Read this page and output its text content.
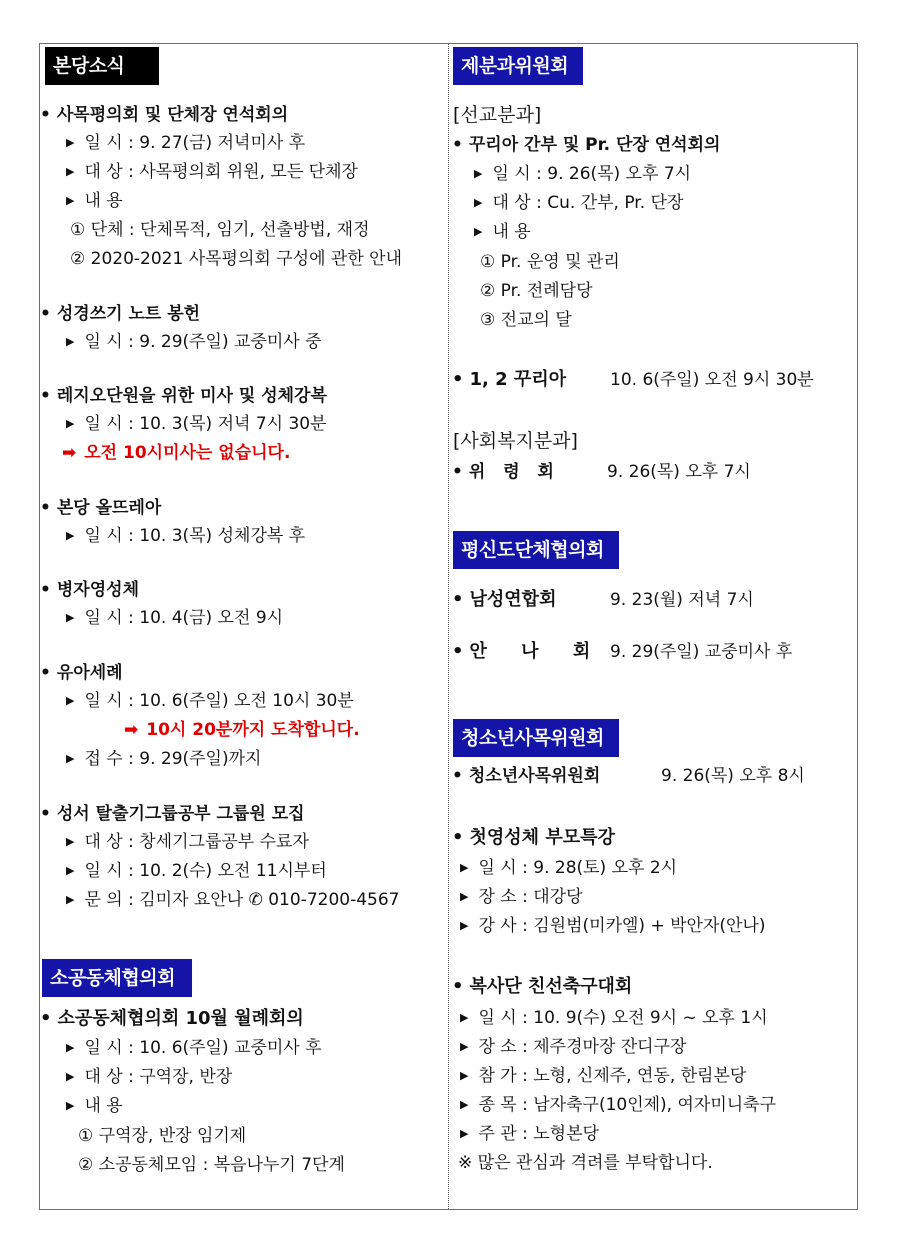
본당소식
• 사목평의회 및 단체장 연석회의
▶ 일 시 : 9. 27(금) 저녁미사 후
▶ 대 상 : 사목평의회 위원, 모든 단체장
▶ 내 용
① 단체 : 단체목적, 임기, 선출방법, 재정
② 2020-2021 사목평의회 구성에 관한 안내
• 성경쓰기 노트 봉헌
▶ 일 시 : 9. 29(주일) 교중미사 중
• 레지오단원을 위한 미사 및 성체강복
▶ 일 시 : 10. 3(목) 저녁 7시 30분
➡ 오전 10시미사는 없습니다.
• 본당 올뜨레아
▶ 일 시 : 10. 3(목) 성체강복 후
• 병자영성체
▶ 일 시 : 10. 4(금) 오전 9시
• 유아세례
▶ 일 시 : 10. 6(주일) 오전 10시 30분
➡ 10시 20분까지 도착합니다.
▶ 접 수 : 9. 29(주일)까지
• 성서 탈출기그룹공부 그룹원 모집
▶ 대 상 : 창세기그룹공부 수료자
▶ 일 시 : 10. 2(수) 오전 11시부터
▶ 문 의 : 김미자 요안나 ✆ 010-7200-4567
소공동체협의회
• 소공동체협의회 10월 월례회의
▶ 일 시 : 10. 6(주일) 교중미사 후
▶ 대 상 : 구역장, 반장
▶ 내 용
① 구역장, 반장 임기제
② 소공동체모임 : 복음나누기 7단계
제분과위원회
[선교분과]
• 꾸리아 간부 및 Pr. 단장 연석회의
▶ 일 시 : 9. 26(목) 오후 7시
▶ 대 상 : Cu. 간부, Pr. 단장
▶ 내 용
① Pr. 운영 및 관리
② Pr. 전례담당
③ 전교의 달
• 1, 2 꾸리아	10. 6(주일) 오전 9시 30분
[사회복지분과]
• 위 령 회	9. 26(목) 오후 7시
평신도단체협의회
• 남성연합회	9. 23(월) 저녁 7시
• 안 나 회 9. 29(주일) 교중미사 후
청소년사목위원회
• 청소년사목위원회	9. 26(목) 오후 8시
• 첫영성체 부모특강
▶ 일 시 : 9. 28(토) 오후 2시
▶ 장 소 : 대강당
▶ 강 사 : 김원범(미카엘) + 박안자(안나)
• 복사단 친선축구대회
▶ 일 시 : 10. 9(수) 오전 9시 ~ 오후 1시
▶ 장 소 : 제주경마장 잔디구장
▶ 참 가 : 노형, 신제주, 연동, 한림본당
▶ 종 목 : 남자축구(10인제), 여자미니축구
▶ 주 관 : 노형본당
※ 많은 관심과 격려를 부탁합니다.
